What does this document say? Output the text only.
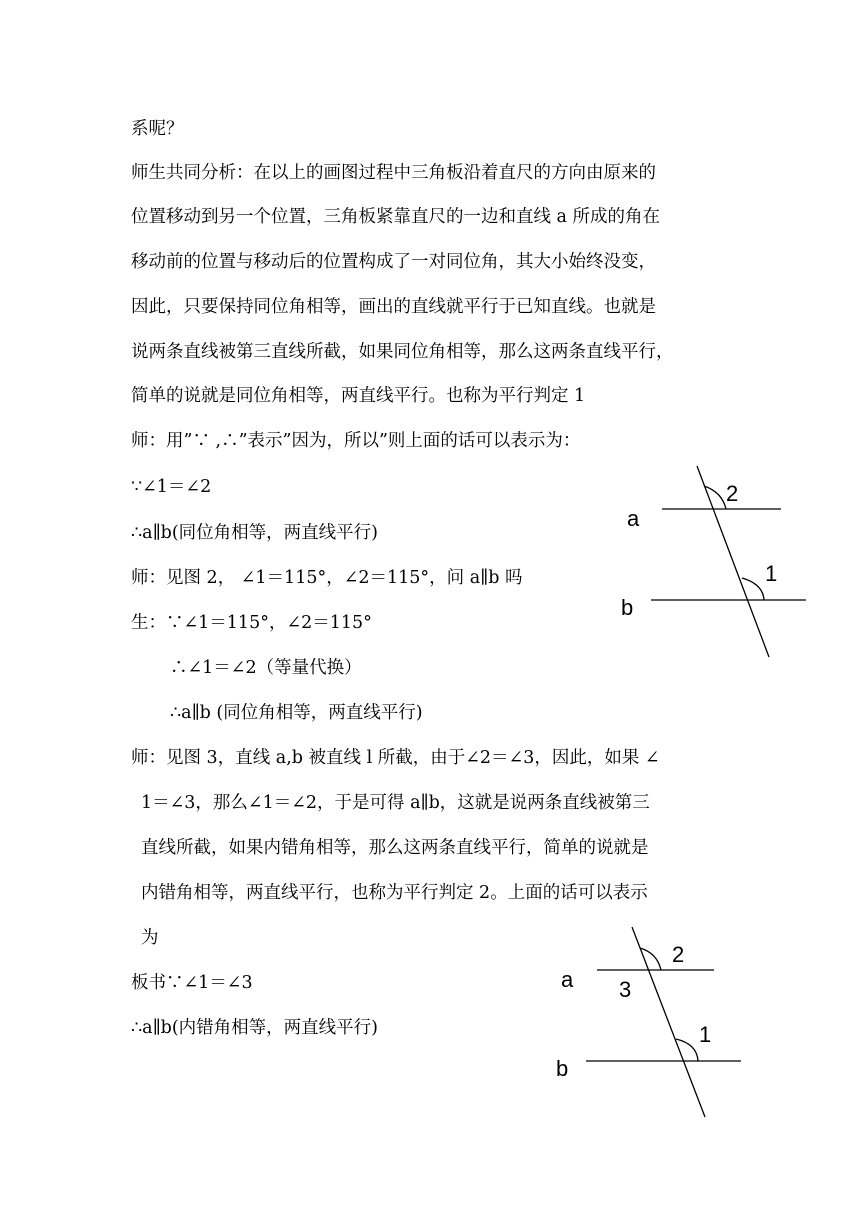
系呢？
师生共同分析：在以上的画图过程中三角板沿着直尺的方向由原来的
位置移动到另一个位置，三角板紧靠直尺的一边和直线 a 所成的角在
移动前的位置与移动后的位置构成了一对同位角，其大小始终没变，
因此，只要保持同位角相等，画出的直线就平行于已知直线。也就是
说两条直线被第三直线所截，如果同位角相等，那么这两条直线平行，
简单的说就是同位角相等，两直线平行。也称为平行判定 1
师：用”∵ ,∴”表示”因为，所以”则上面的话可以表示为：
∵∠1＝∠2
∴a∥b(同位角相等，两直线平行)
师：见图 2， ∠1＝115°，∠2＝115°，问 a∥b 吗
生：∵∠1＝115°，∠2＝115°
∴∠1＝∠2（等量代换）
∴a∥b (同位角相等，两直线平行)
师：见图 3，直线 a,b 被直线 l 所截，由于∠2＝∠3，因此，如果 ∠
1＝∠3，那么∠1＝∠2，于是可得 a∥b，这就是说两条直线被第三
直线所截，如果内错角相等，那么这两条直线平行，简单的说就是
内错角相等，两直线平行，也称为平行判定 2。上面的话可以表示
为
板书∵∠1＝∠3
∴a∥b(内错角相等，两直线平行)
a
b
2
1
a
b
2
3
1
